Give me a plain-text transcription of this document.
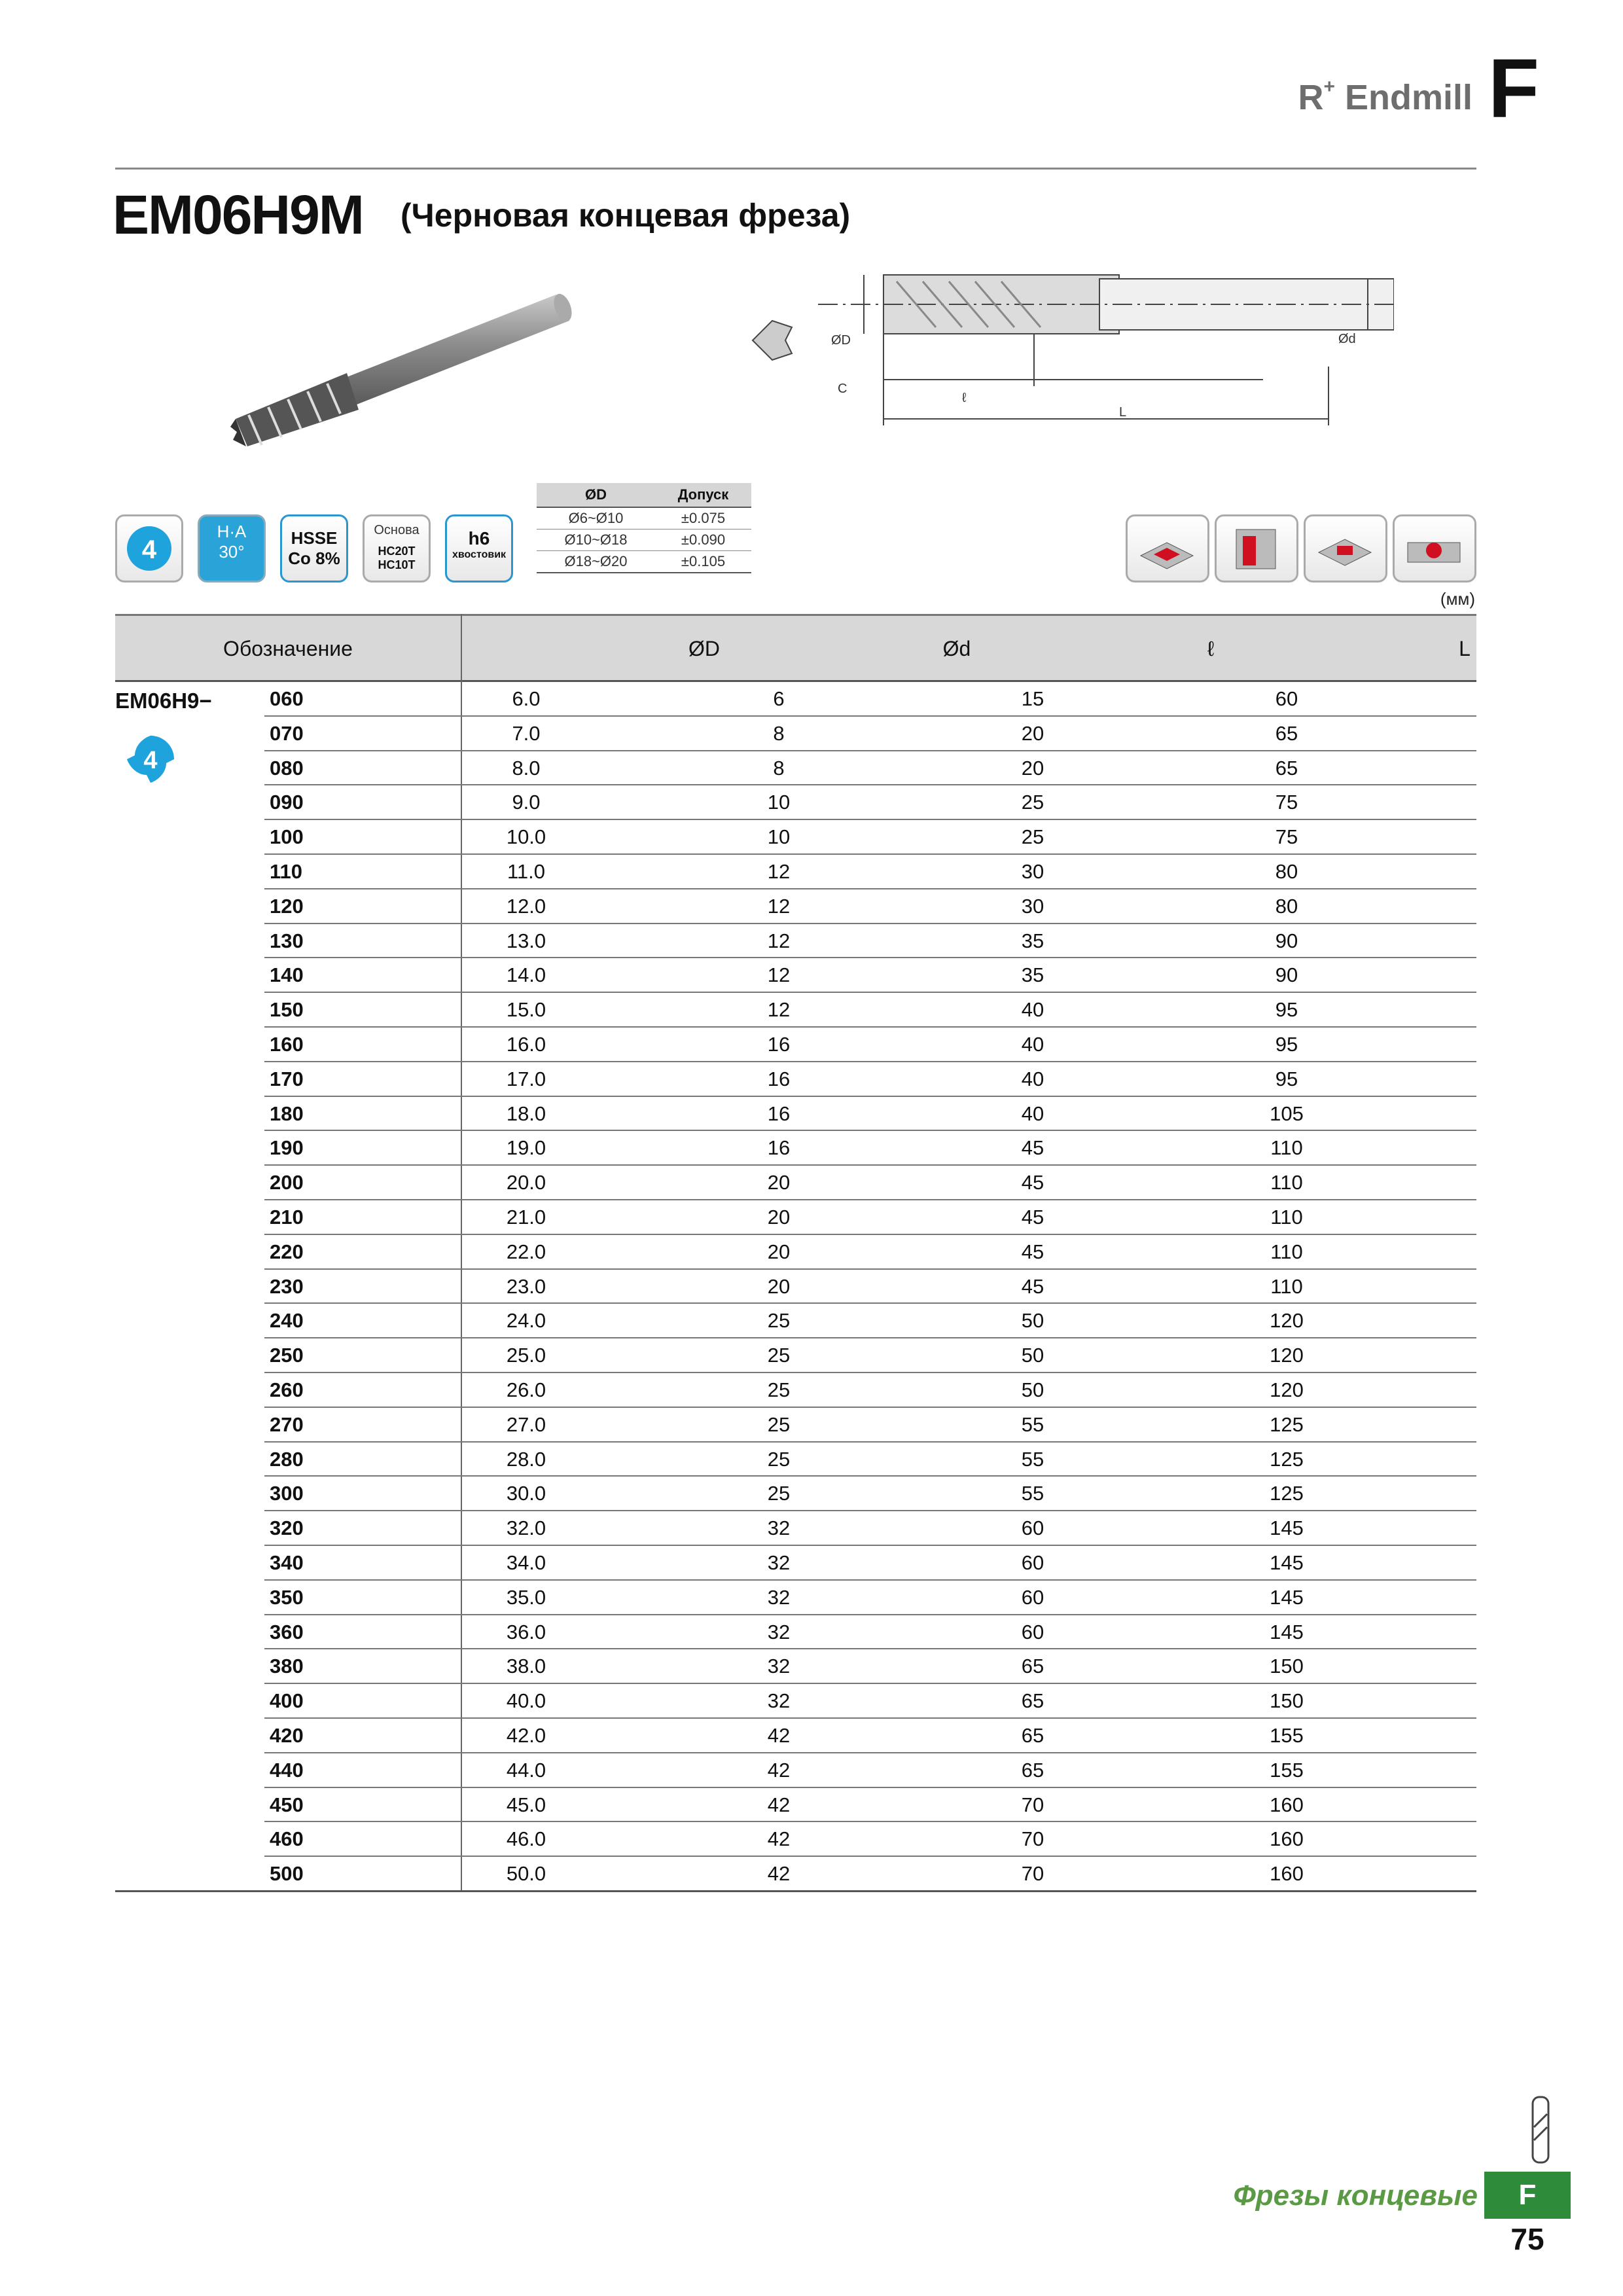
R+ Endmill F
EM06H9M (Черновая концевая фреза)
ØD	Ød
C
ℓ
L
4
H·A
30°
HSSE
Co 8%
Основа
HC20T
HC10T
h6
хвостовик
ØD	Допуск
Ø6~Ø10	±0.075
Ø10~Ø18	±0.090
Ø18~Ø20	±0.105
(мм)
Обозначение	ØD	Ød	ℓ	L
EM06H9−
4
060	6.0	6	15	60
070	7.0	8	20	65
080	8.0	8	20	65
090	9.0	10	25	75
100	10.0	10	25	75
110	11.0	12	30	80
120	12.0	12	30	80
130	13.0	12	35	90
140	14.0	12	35	90
150	15.0	12	40	95
160	16.0	16	40	95
170	17.0	16	40	95
180	18.0	16	40	105
190	19.0	16	45	110
200	20.0	20	45	110
210	21.0	20	45	110
220	22.0	20	45	110
230	23.0	20	45	110
240	24.0	25	50	120
250	25.0	25	50	120
260	26.0	25	50	120
270	27.0	25	55	125
280	28.0	25	55	125
300	30.0	25	55	125
320	32.0	32	60	145
340	34.0	32	60	145
350	35.0	32	60	145
360	36.0	32	60	145
380	38.0	32	65	150
400	40.0	32	65	150
420	42.0	42	65	155
440	44.0	42	65	155
450	45.0	42	70	160
460	46.0	42	70	160
500	50.0	42	70	160
Фрезы концевые	F
75
